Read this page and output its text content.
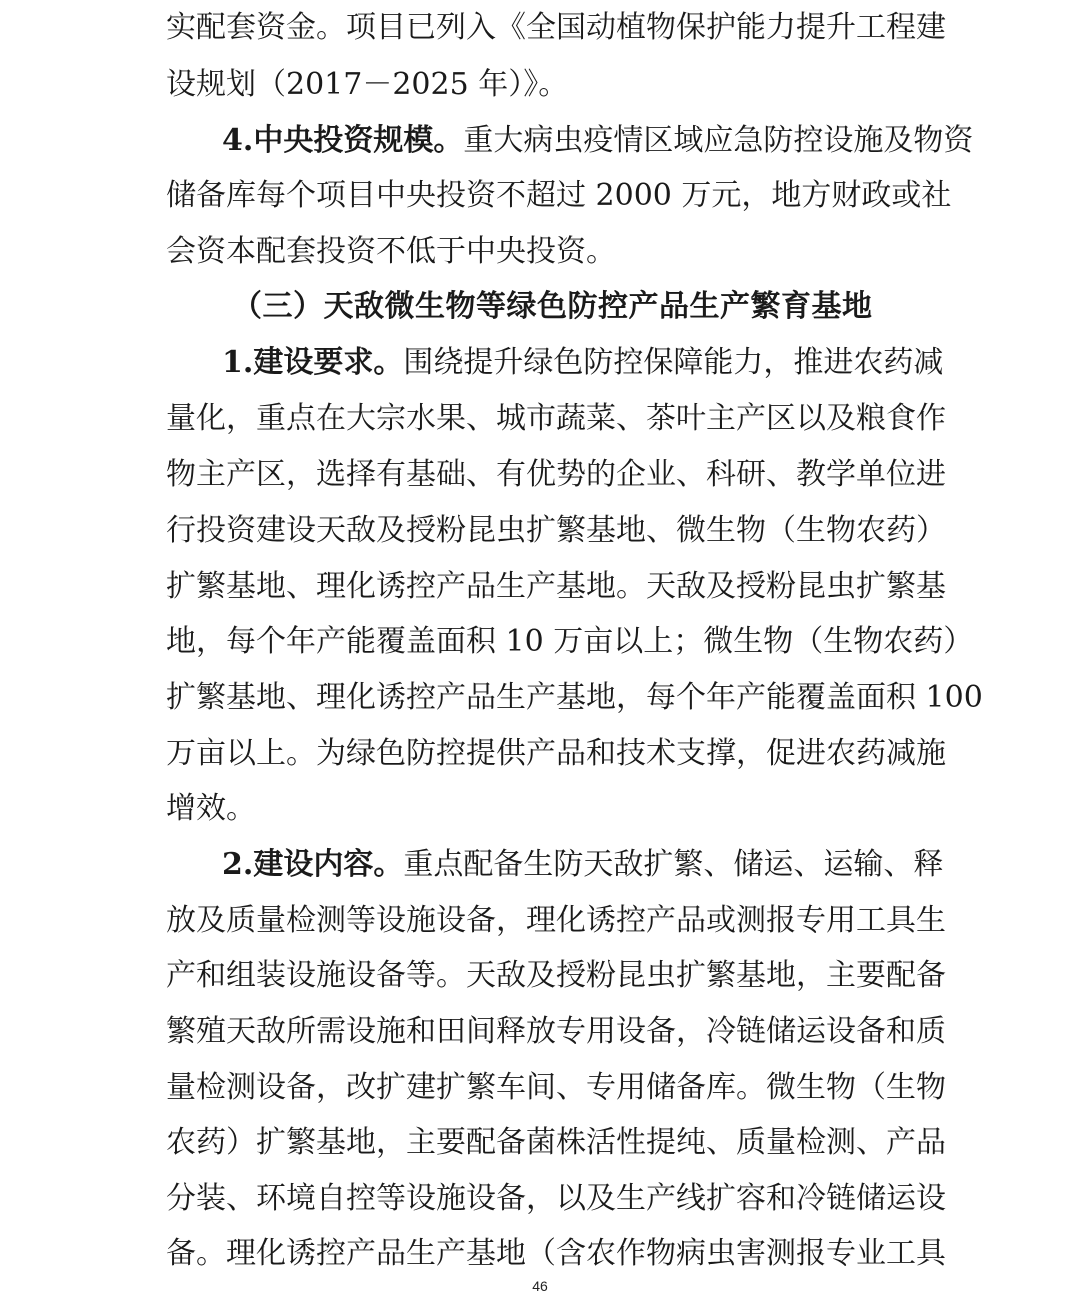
实配套资金。项目已列入《全国动植物保护能力提升工程建
设规划（2017－2025 年）》。
4.中央投资规模。重大病虫疫情区域应急防控设施及物资
储备库每个项目中央投资不超过 2000 万元，地方财政或社
会资本配套投资不低于中央投资。
（三）天敌微生物等绿色防控产品生产繁育基地
1.建设要求。围绕提升绿色防控保障能力，推进农药减
量化，重点在大宗水果、城市蔬菜、茶叶主产区以及粮食作
物主产区，选择有基础、有优势的企业、科研、教学单位进
行投资建设天敌及授粉昆虫扩繁基地、微生物（生物农药）
扩繁基地、理化诱控产品生产基地。天敌及授粉昆虫扩繁基
地，每个年产能覆盖面积 10 万亩以上；微生物（生物农药）
扩繁基地、理化诱控产品生产基地，每个年产能覆盖面积 100
万亩以上。为绿色防控提供产品和技术支撑，促进农药减施
增效。
2.建设内容。重点配备生防天敌扩繁、储运、运输、释
放及质量检测等设施设备，理化诱控产品或测报专用工具生
产和组装设施设备等。天敌及授粉昆虫扩繁基地，主要配备
繁殖天敌所需设施和田间释放专用设备，冷链储运设备和质
量检测设备，改扩建扩繁车间、专用储备库。微生物（生物
农药）扩繁基地，主要配备菌株活性提纯、质量检测、产品
分装、环境自控等设施设备，以及生产线扩容和冷链储运设
备。理化诱控产品生产基地（含农作物病虫害测报专业工具
46
